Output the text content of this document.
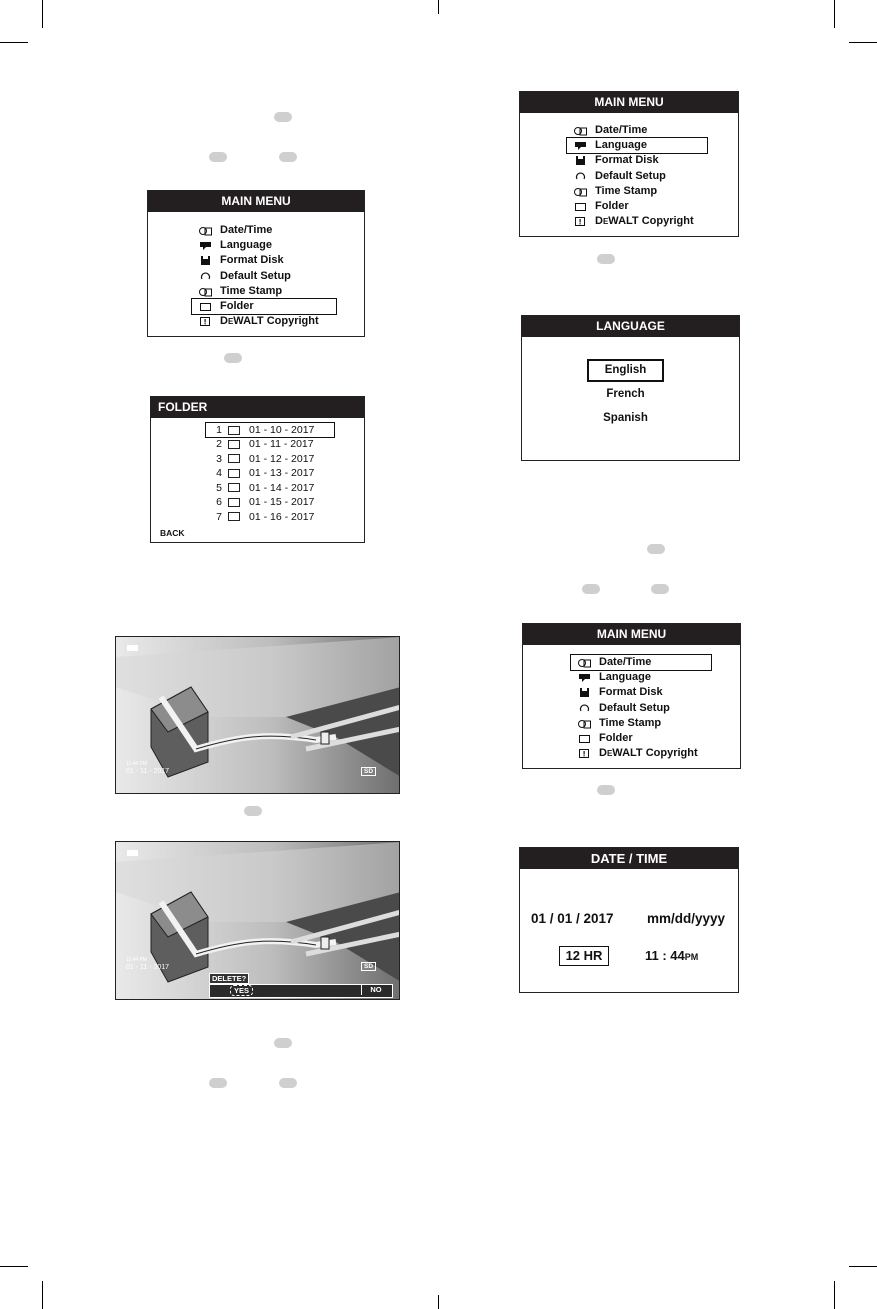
MAIN MENU
Date/Time
Language
Format Disk
Default Setup
Time Stamp
Folder
DEWALT Copyright
FOLDER
1	01 - 10 - 2017
2	01 - 11 - 2017
3	01 - 12 - 2017
4	01 - 13 - 2017
5	01 - 14 - 2017
6	01 - 15 - 2017
7	01 - 16 - 2017
BACK
11:44 PM
01 - 11 - 2017	SD
11:44 PM
01 - 11 - 2017	SD
DELETE?
YES	NO
MAIN MENU
Date/Time
Language
Format Disk
Default Setup
Time Stamp
Folder
DEWALT Copyright
LANGUAGE
English
French
Spanish
MAIN MENU
Date/Time
Language
Format Disk
Default Setup
Time Stamp
Folder
DEWALT Copyright
DATE / TIME
01 / 01 / 2017 mm/dd/yyyy
12 HR	11 : 44PM
